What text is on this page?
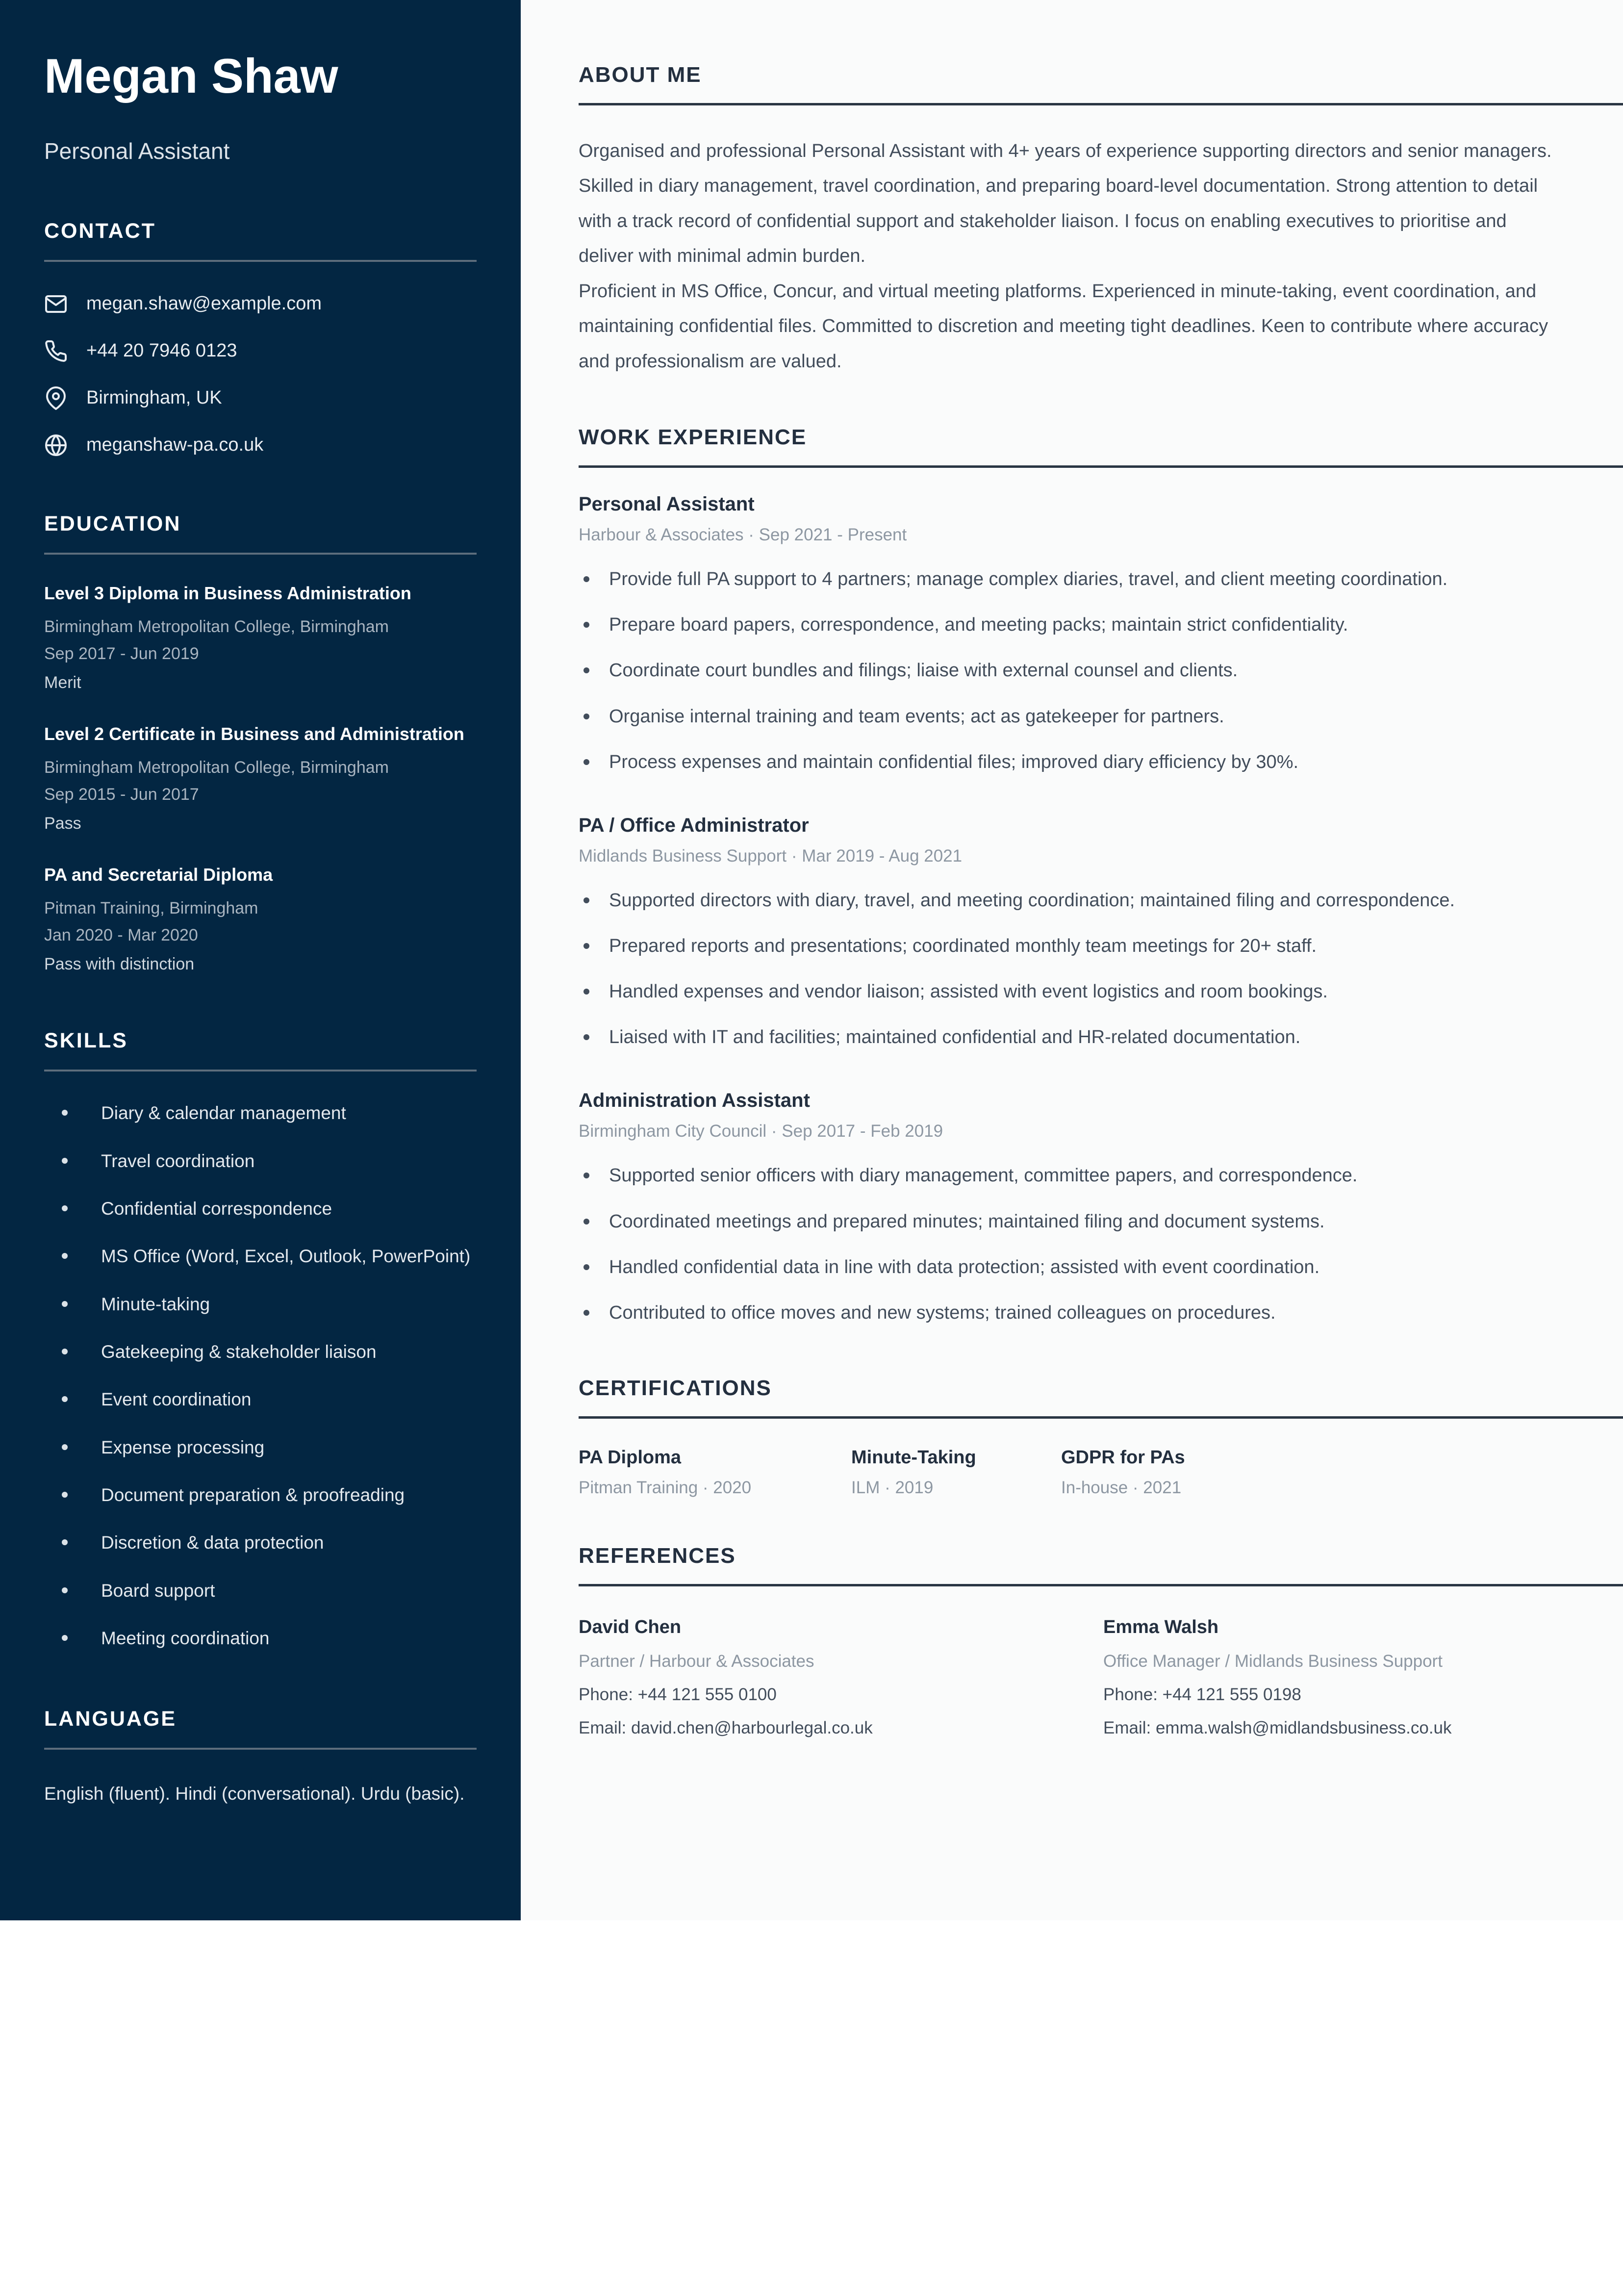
Megan Shaw
Personal Assistant
CONTACT
megan.shaw@example.com
+44 20 7946 0123
Birmingham, UK
meganshaw-pa.co.uk
EDUCATION
Level 3 Diploma in Business Administration
Birmingham Metropolitan College, Birmingham
Sep 2017 - Jun 2019
Merit
Level 2 Certificate in Business and Administration
Birmingham Metropolitan College, Birmingham
Sep 2015 - Jun 2017
Pass
PA and Secretarial Diploma
Pitman Training, Birmingham
Jan 2020 - Mar 2020
Pass with distinction
SKILLS
Diary & calendar management
Travel coordination
Confidential correspondence
MS Office (Word, Excel, Outlook, PowerPoint)
Minute-taking
Gatekeeping & stakeholder liaison
Event coordination
Expense processing
Document preparation & proofreading
Discretion & data protection
Board support
Meeting coordination
LANGUAGE

English (fluent). Hindi (conversational). Urdu (basic).

ABOUT ME

Organised and professional Personal Assistant with 4+ years of experience supporting directors and senior managers. Skilled in diary management, travel coordination, and preparing board-level documentation. Strong attention to detail with a track record of confidential support and stakeholder liaison. I focus on enabling executives to prioritise and deliver with minimal admin burden.

Proficient in MS Office, Concur, and virtual meeting platforms. Experienced in minute-taking, event coordination, and maintaining confidential files. Committed to discretion and meeting tight deadlines. Keen to contribute where accuracy and professionalism are valued.

WORK EXPERIENCE
Personal Assistant
Harbour & Associates · Sep 2021 - Present
Provide full PA support to 4 partners; manage complex diaries, travel, and client meeting coordination.
Prepare board papers, correspondence, and meeting packs; maintain strict confidentiality.
Coordinate court bundles and filings; liaise with external counsel and clients.
Organise internal training and team events; act as gatekeeper for partners.
Process expenses and maintain confidential files; improved diary efficiency by 30%.
PA / Office Administrator
Midlands Business Support · Mar 2019 - Aug 2021
Supported directors with diary, travel, and meeting coordination; maintained filing and correspondence.
Prepared reports and presentations; coordinated monthly team meetings for 20+ staff.
Handled expenses and vendor liaison; assisted with event logistics and room bookings.
Liaised with IT and facilities; maintained confidential and HR-related documentation.
Administration Assistant
Birmingham City Council · Sep 2017 - Feb 2019
Supported senior officers with diary management, committee papers, and correspondence.
Coordinated meetings and prepared minutes; maintained filing and document systems.
Handled confidential data in line with data protection; assisted with event coordination.
Contributed to office moves and new systems; trained colleagues on procedures.
CERTIFICATIONS
PA Diploma
Pitman Training · 2020
Minute-Taking
ILM · 2019
GDPR for PAs
In-house · 2021
REFERENCES
David Chen
Partner / Harbour & Associates
Phone: +44 121 555 0100
Email: david.chen@harbourlegal.co.uk
Emma Walsh
Office Manager / Midlands Business Support
Phone: +44 121 555 0198
Email: emma.walsh@midlandsbusiness.co.uk
